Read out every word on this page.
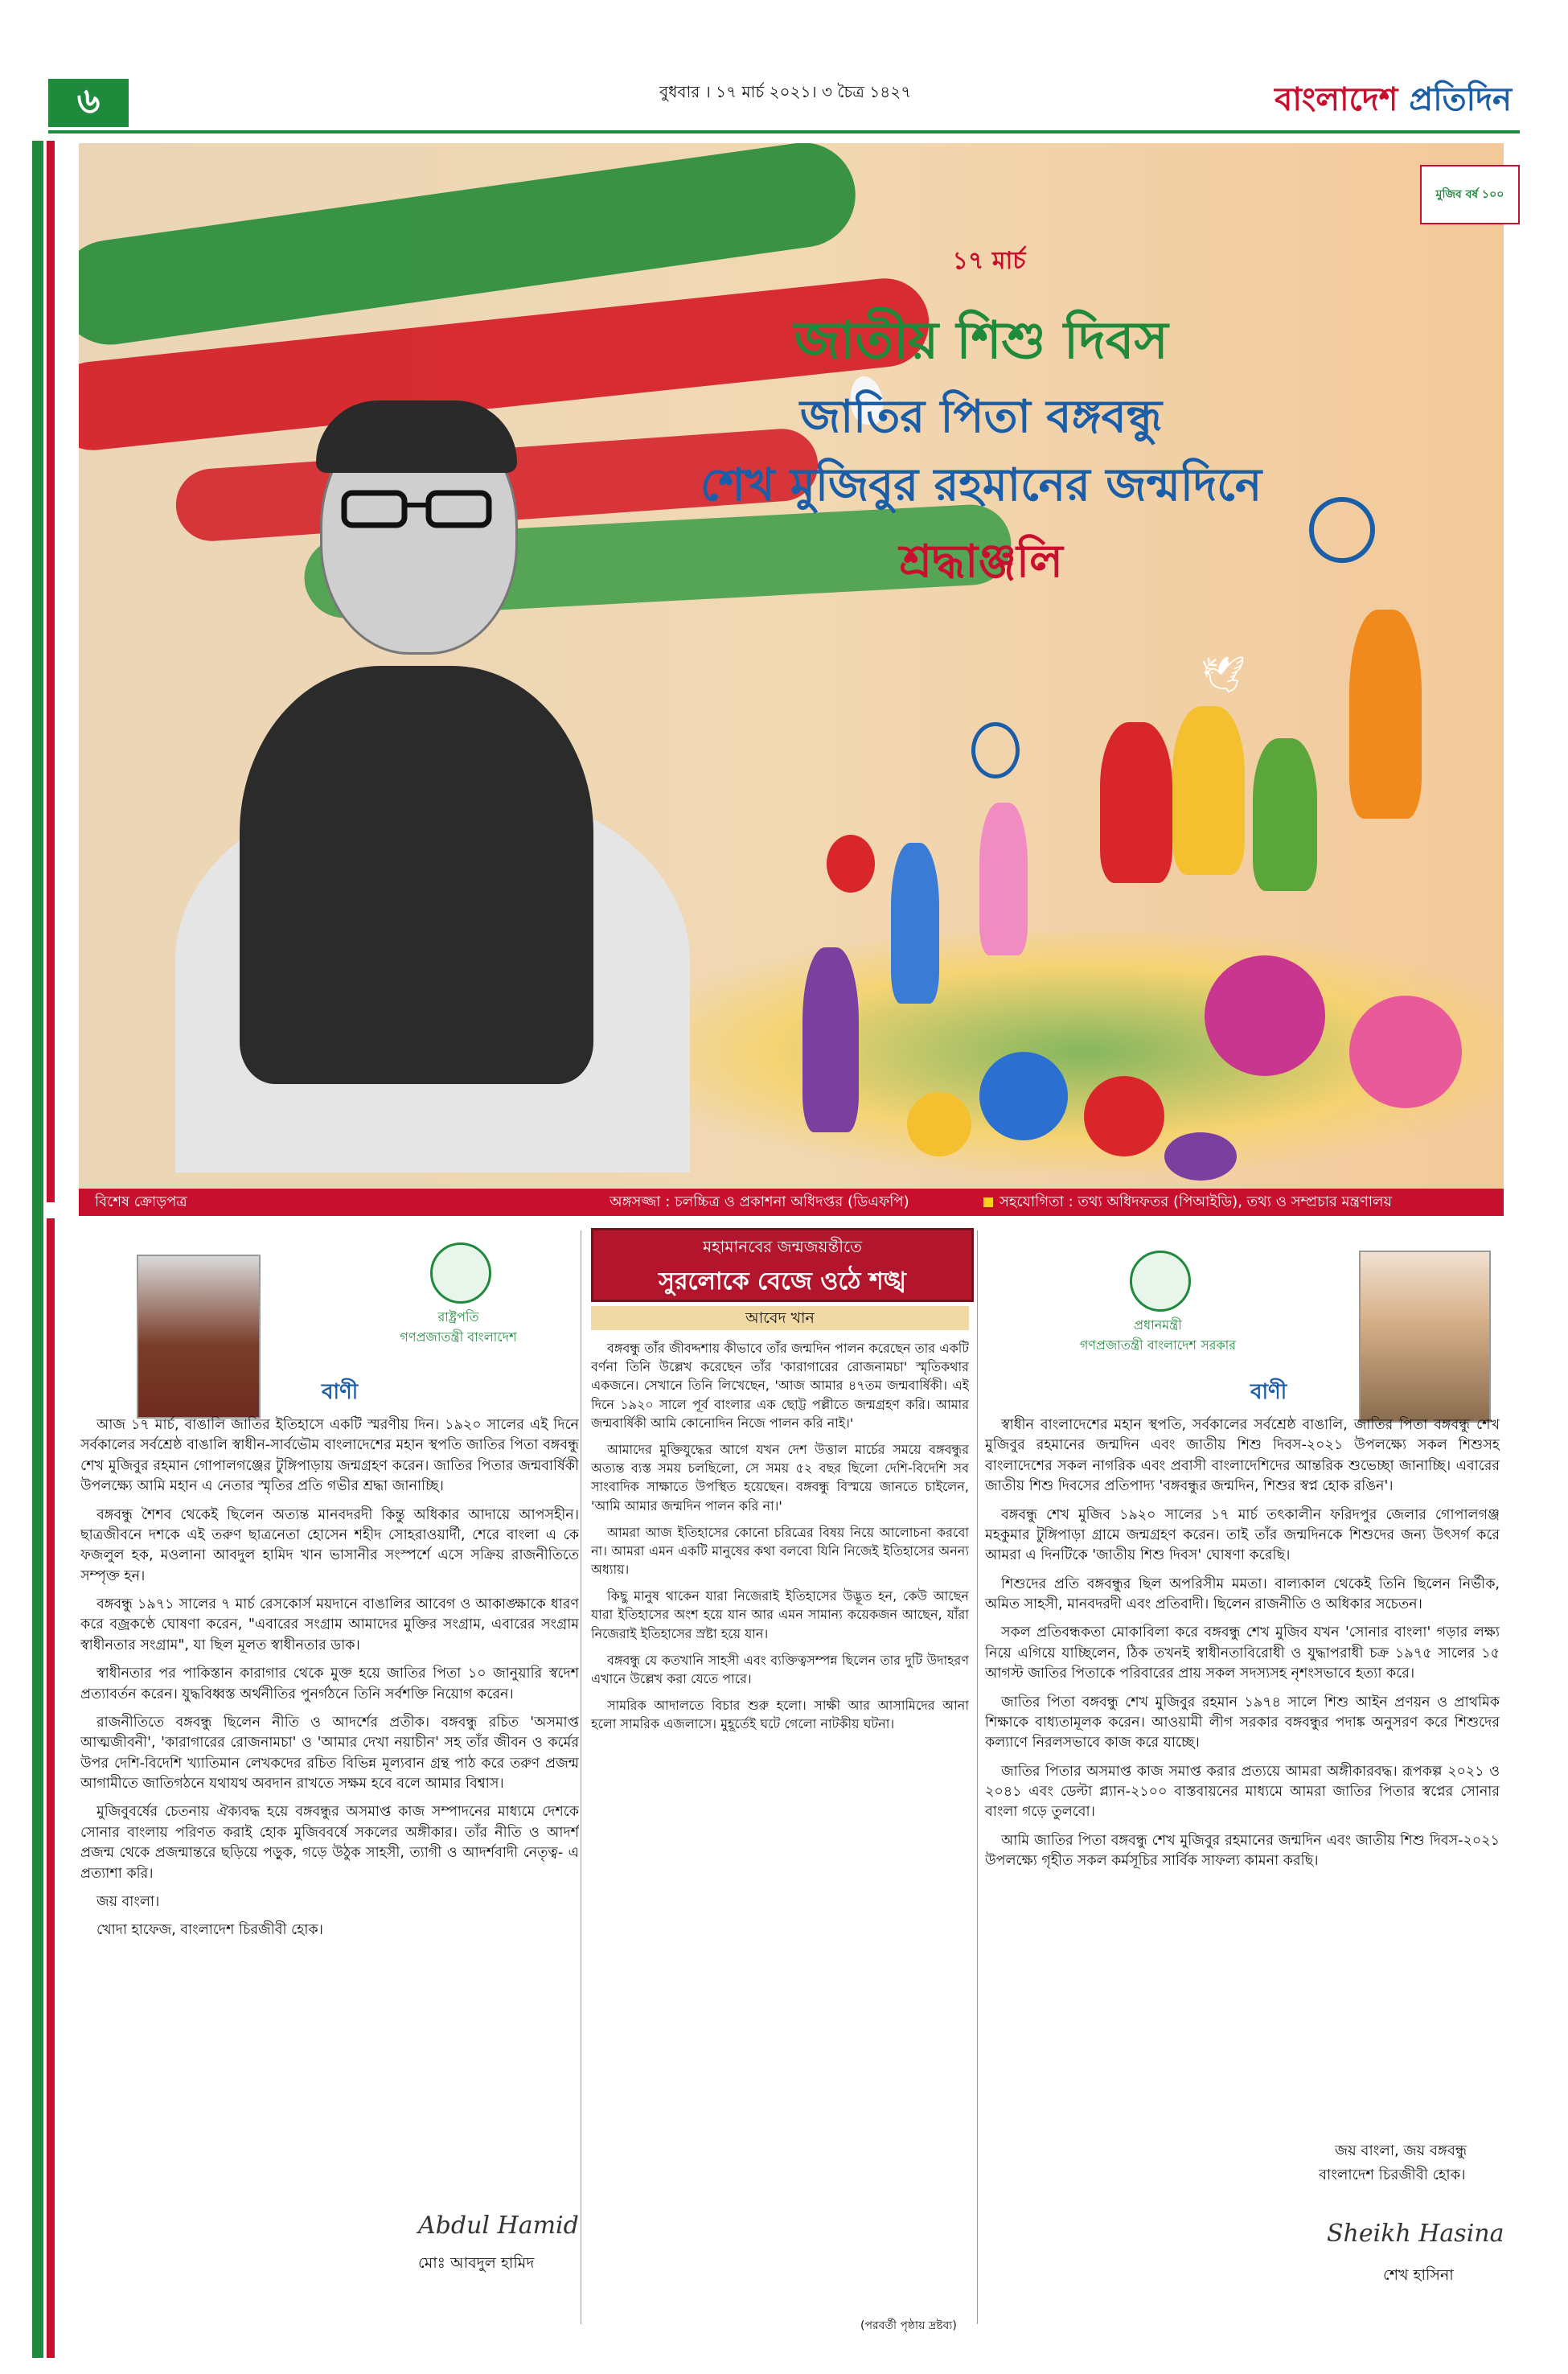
৬	বুধবার । ১৭ মার্চ ২০২১। ৩ চৈত্র ১৪২৭	বাংলাদেশ প্রতিদিন
🕊
মুজিব বর্ষ ১০০
১৭ মার্চ
জাতীয় শিশু দিবস
জাতির পিতা বঙ্গবন্ধু
শেখ মুজিবুর রহমানের জন্মদিনে
শ্রদ্ধাঞ্জলি
বিশেষ ক্রোড়পত্র	অঙ্গসজ্জা : চলচ্চিত্র ও প্রকাশনা অধিদপ্তর (ডিএফপি)	সহযোগিতা : তথ্য অধিদফতর (পিআইডি), তথ্য ও সম্প্রচার মন্ত্রণালয়
রাষ্ট্রপতি
গণপ্রজাতন্ত্রী বাংলাদেশ
বাণী

আজ ১৭ মার্চ, বাঙালি জাতির ইতিহাসে একটি স্মরণীয় দিন। ১৯২০ সালের এই দিনে সর্বকালের সর্বশ্রেষ্ঠ বাঙালি স্বাধীন-সার্বভৌম বাংলাদেশের মহান স্থপতি জাতির পিতা বঙ্গবন্ধু শেখ মুজিবুর রহমান গোপালগঞ্জের টুঙ্গিপাড়ায় জন্মগ্রহণ করেন। জাতির পিতার জন্মবার্ষিকী উপলক্ষ্যে আমি মহান এ নেতার স্মৃতির প্রতি গভীর শ্রদ্ধা জানাচ্ছি।

বঙ্গবন্ধু শৈশব থেকেই ছিলেন অত্যন্ত মানবদরদী কিন্তু অধিকার আদায়ে আপসহীন। ছাত্রজীবনে দশকে এই তরুণ ছাত্রনেতা হোসেন শহীদ সোহরাওয়ার্দী, শেরে বাংলা এ কে ফজলুল হক, মওলানা আবদুল হামিদ খান ভাসানীর সংস্পর্শে এসে সক্রিয় রাজনীতিতে সম্পৃক্ত হন।

বঙ্গবন্ধু ১৯৭১ সালের ৭ মার্চ রেসকোর্স ময়দানে বাঙালির আবেগ ও আকাঙ্ক্ষাকে ধারণ করে বজ্রকণ্ঠে ঘোষণা করেন, "এবারের সংগ্রাম আমাদের মুক্তির সংগ্রাম, এবারের সংগ্রাম স্বাধীনতার সংগ্রাম", যা ছিল মূলত স্বাধীনতার ডাক।

স্বাধীনতার পর পাকিস্তান কারাগার থেকে মুক্ত হয়ে জাতির পিতা ১০ জানুয়ারি স্বদেশ প্রত্যাবর্তন করেন। যুদ্ধবিধ্বস্ত অর্থনীতির পুনর্গঠনে তিনি সর্বশক্তি নিয়োগ করেন।

রাজনীতিতে বঙ্গবন্ধু ছিলেন নীতি ও আদর্শের প্রতীক। বঙ্গবন্ধু রচিত 'অসমাপ্ত আত্মজীবনী', 'কারাগারের রোজনামচা' ও 'আমার দেখা নয়াচীন' সহ তাঁর জীবন ও কর্মের উপর দেশি-বিদেশি খ্যাতিমান লেখকদের রচিত বিভিন্ন মূল্যবান গ্রন্থ পাঠ করে তরুণ প্রজন্ম আগামীতে জাতিগঠনে যথাযথ অবদান রাখতে সক্ষম হবে বলে আমার বিশ্বাস।

মুজিবুবর্ষের চেতনায় ঐক্যবদ্ধ হয়ে বঙ্গবন্ধুর অসমাপ্ত কাজ সম্পাদনের মাধ্যমে দেশকে সোনার বাংলায় পরিণত করাই হোক মুজিববর্ষে সকলের অঙ্গীকার। তাঁর নীতি ও আদর্শ প্রজন্ম থেকে প্রজন্মান্তরে ছড়িয়ে পড়ুক, গড়ে উঠুক সাহসী, ত্যাগী ও আদর্শবাদী নেতৃত্ব- এ প্রত্যাশা করি।

জয় বাংলা।

খোদা হাফেজ, বাংলাদেশ চিরজীবী হোক।

Abdul Hamid
মোঃ আবদুল হামিদ
মহামানবের জন্মজয়ন্তীতে
সুরলোকে বেজে ওঠে শঙ্খ
আবেদ খান

বঙ্গবন্ধু তাঁর জীবদ্দশায় কীভাবে তাঁর জন্মদিন পালন করেছেন তার একটি বর্ণনা তিনি উল্লেখ করেছেন তাঁর 'কারাগারের রোজনামচা' স্মৃতিকথার একজনে। সেখানে তিনি লিখেছেন, 'আজ আমার ৪৭তম জন্মবার্ষিকী। এই দিনে ১৯২০ সালে পূর্ব বাংলার এক ছোট্ট পল্লীতে জন্মগ্রহণ করি। আমার জন্মবার্ষিকী আমি কোনোদিন নিজে পালন করি নাই।'

আমাদের মুক্তিযুদ্ধের আগে যখন দেশ উত্তাল মার্চের সময়ে বঙ্গবন্ধুর অত্যন্ত ব্যস্ত সময় চলছিলো, সে সময় ৫২ বছর ছিলো দেশি-বিদেশি সব সাংবাদিক সাক্ষাতে উপস্থিত হয়েছেন। বঙ্গবন্ধু বিস্ময়ে জানতে চাইলেন, 'আমি আমার জন্মদিন পালন করি না।'

আমরা আজ ইতিহাসের কোনো চরিত্রের বিষয় নিয়ে আলোচনা করবো না। আমরা এমন একটি মানুষের কথা বলবো যিনি নিজেই ইতিহাসের অনন্য অধ্যায়।

কিছু মানুষ থাকেন যারা নিজেরাই ইতিহাসের উদ্ভূত হন, কেউ আছেন যারা ইতিহাসের অংশ হয়ে যান আর এমন সামান্য কয়েকজন আছেন, যাঁরা নিজেরাই ইতিহাসের স্রষ্টা হয়ে যান।

বঙ্গবন্ধু যে কতখানি সাহসী এবং ব্যক্তিত্বসম্পন্ন ছিলেন তার দুটি উদাহরণ এখানে উল্লেখ করা যেতে পারে।

সামরিক আদালতে বিচার শুরু হলো। সাক্ষী আর আসামিদের আনা হলো সামরিক এজলাসে। মুহূর্তেই ঘটে গেলো নাটকীয় ঘটনা।

(পরবর্তী পৃষ্ঠায় দ্রষ্টব্য)
প্রধানমন্ত্রী
গণপ্রজাতন্ত্রী বাংলাদেশ সরকার
বাণী

স্বাধীন বাংলাদেশের মহান স্থপতি, সর্বকালের সর্বশ্রেষ্ঠ বাঙালি, জাতির পিতা বঙ্গবন্ধু শেখ মুজিবুর রহমানের জন্মদিন এবং জাতীয় শিশু দিবস-২০২১ উপলক্ষ্যে সকল শিশুসহ বাংলাদেশের সকল নাগরিক এবং প্রবাসী বাংলাদেশিদের আন্তরিক শুভেচ্ছা জানাচ্ছি। এবারের জাতীয় শিশু দিবসের প্রতিপাদ্য 'বঙ্গবন্ধুর জন্মদিন, শিশুর স্বপ্ন হোক রঙিন'।

বঙ্গবন্ধু শেখ মুজিব ১৯২০ সালের ১৭ মার্চ তৎকালীন ফরিদপুর জেলার গোপালগঞ্জ মহকুমার টুঙ্গিপাড়া গ্রামে জন্মগ্রহণ করেন। তাই তাঁর জন্মদিনকে শিশুদের জন্য উৎসর্গ করে আমরা এ দিনটিকে 'জাতীয় শিশু দিবস' ঘোষণা করেছি।

শিশুদের প্রতি বঙ্গবন্ধুর ছিল অপরিসীম মমতা। বাল্যকাল থেকেই তিনি ছিলেন নির্ভীক, অমিত সাহসী, মানবদরদী এবং প্রতিবাদী। ছিলেন রাজনীতি ও অধিকার সচেতন।

সকল প্রতিবন্ধকতা মোকাবিলা করে বঙ্গবন্ধু শেখ মুজিব যখন 'সোনার বাংলা' গড়ার লক্ষ্য নিয়ে এগিয়ে যাচ্ছিলেন, ঠিক তখনই স্বাধীনতাবিরোধী ও যুদ্ধাপরাধী চক্র ১৯৭৫ সালের ১৫ আগস্ট জাতির পিতাকে পরিবারের প্রায় সকল সদস্যসহ নৃশংসভাবে হত্যা করে।

জাতির পিতা বঙ্গবন্ধু শেখ মুজিবুর রহমান ১৯৭৪ সালে শিশু আইন প্রণয়ন ও প্রাথমিক শিক্ষাকে বাধ্যতামূলক করেন। আওয়ামী লীগ সরকার বঙ্গবন্ধুর পদাঙ্ক অনুসরণ করে শিশুদের কল্যাণে নিরলসভাবে কাজ করে যাচ্ছে।

জাতির পিতার অসমাপ্ত কাজ সমাপ্ত করার প্রত্যয়ে আমরা অঙ্গীকারবদ্ধ। রূপকল্প ২০২১ ও ২০৪১ এবং ডেল্টা প্ল্যান-২১০০ বাস্তবায়নের মাধ্যমে আমরা জাতির পিতার স্বপ্নের সোনার বাংলা গড়ে তুলবো।

আমি জাতির পিতা বঙ্গবন্ধু শেখ মুজিবুর রহমানের জন্মদিন এবং জাতীয় শিশু দিবস-২০২১ উপলক্ষ্যে গৃহীত সকল কর্মসূচির সার্বিক সাফল্য কামনা করছি।

জয় বাংলা, জয় বঙ্গবন্ধু
বাংলাদেশ চিরজীবী হোক।
Sheikh Hasina
শেখ হাসিনা
